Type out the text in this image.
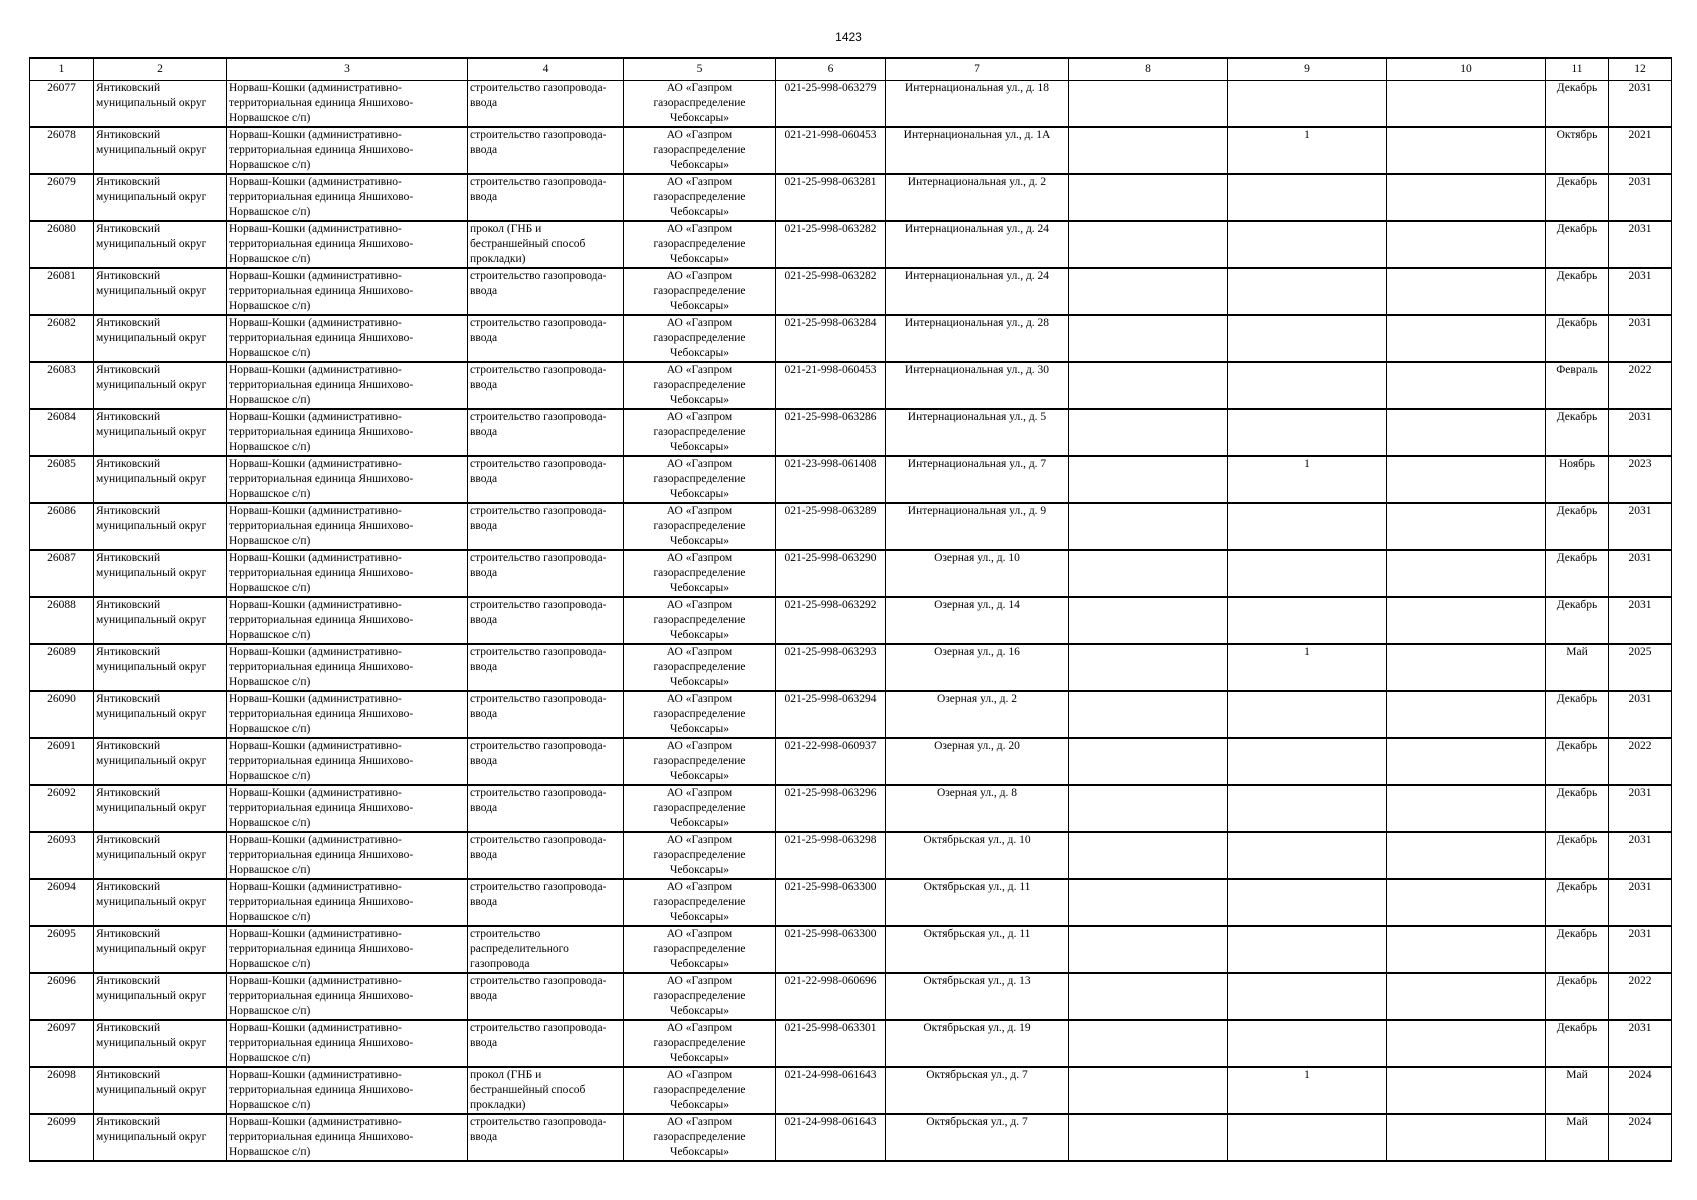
1423
1	2	3	4	5	6	7	8	9	10	11	12
26077	Янтиковский муниципальный округ	Норваш-Кошки (административно-территориальная единица Яншихово-Норвашское с/п)	строительство газопровода-ввода	АО «Газпром газораспределение Чебоксары»	021-25-998-063279	Интернациональная ул., д. 18				Декабрь	2031
26078	Янтиковский муниципальный округ	Норваш-Кошки (административно-территориальная единица Яншихово-Норвашское с/п)	строительство газопровода-ввода	АО «Газпром газораспределение Чебоксары»	021-21-998-060453	Интернациональная ул., д. 1А		1		Октябрь	2021
26079	Янтиковский муниципальный округ	Норваш-Кошки (административно-территориальная единица Яншихово-Норвашское с/п)	строительство газопровода-ввода	АО «Газпром газораспределение Чебоксары»	021-25-998-063281	Интернациональная ул., д. 2				Декабрь	2031
26080	Янтиковский муниципальный округ	Норваш-Кошки (административно-территориальная единица Яншихово-Норвашское с/п)	прокол (ГНБ и бестраншейный способ прокладки)	АО «Газпром газораспределение Чебоксары»	021-25-998-063282	Интернациональная ул., д. 24				Декабрь	2031
26081	Янтиковский муниципальный округ	Норваш-Кошки (административно-территориальная единица Яншихово-Норвашское с/п)	строительство газопровода-ввода	АО «Газпром газораспределение Чебоксары»	021-25-998-063282	Интернациональная ул., д. 24				Декабрь	2031
26082	Янтиковский муниципальный округ	Норваш-Кошки (административно-территориальная единица Яншихово-Норвашское с/п)	строительство газопровода-ввода	АО «Газпром газораспределение Чебоксары»	021-25-998-063284	Интернациональная ул., д. 28				Декабрь	2031
26083	Янтиковский муниципальный округ	Норваш-Кошки (административно-территориальная единица Яншихово-Норвашское с/п)	строительство газопровода-ввода	АО «Газпром газораспределение Чебоксары»	021-21-998-060453	Интернациональная ул., д. 30				Февраль	2022
26084	Янтиковский муниципальный округ	Норваш-Кошки (административно-территориальная единица Яншихово-Норвашское с/п)	строительство газопровода-ввода	АО «Газпром газораспределение Чебоксары»	021-25-998-063286	Интернациональная ул., д. 5				Декабрь	2031
26085	Янтиковский муниципальный округ	Норваш-Кошки (административно-территориальная единица Яншихово-Норвашское с/п)	строительство газопровода-ввода	АО «Газпром газораспределение Чебоксары»	021-23-998-061408	Интернациональная ул., д. 7		1		Ноябрь	2023
26086	Янтиковский муниципальный округ	Норваш-Кошки (административно-территориальная единица Яншихово-Норвашское с/п)	строительство газопровода-ввода	АО «Газпром газораспределение Чебоксары»	021-25-998-063289	Интернациональная ул., д. 9				Декабрь	2031
26087	Янтиковский муниципальный округ	Норваш-Кошки (административно-территориальная единица Яншихово-Норвашское с/п)	строительство газопровода-ввода	АО «Газпром газораспределение Чебоксары»	021-25-998-063290	Озерная ул., д. 10				Декабрь	2031
26088	Янтиковский муниципальный округ	Норваш-Кошки (административно-территориальная единица Яншихово-Норвашское с/п)	строительство газопровода-ввода	АО «Газпром газораспределение Чебоксары»	021-25-998-063292	Озерная ул., д. 14				Декабрь	2031
26089	Янтиковский муниципальный округ	Норваш-Кошки (административно-территориальная единица Яншихово-Норвашское с/п)	строительство газопровода-ввода	АО «Газпром газораспределение Чебоксары»	021-25-998-063293	Озерная ул., д. 16		1		Май	2025
26090	Янтиковский муниципальный округ	Норваш-Кошки (административно-территориальная единица Яншихово-Норвашское с/п)	строительство газопровода-ввода	АО «Газпром газораспределение Чебоксары»	021-25-998-063294	Озерная ул., д. 2				Декабрь	2031
26091	Янтиковский муниципальный округ	Норваш-Кошки (административно-территориальная единица Яншихово-Норвашское с/п)	строительство газопровода-ввода	АО «Газпром газораспределение Чебоксары»	021-22-998-060937	Озерная ул., д. 20				Декабрь	2022
26092	Янтиковский муниципальный округ	Норваш-Кошки (административно-территориальная единица Яншихово-Норвашское с/п)	строительство газопровода-ввода	АО «Газпром газораспределение Чебоксары»	021-25-998-063296	Озерная ул., д. 8				Декабрь	2031
26093	Янтиковский муниципальный округ	Норваш-Кошки (административно-территориальная единица Яншихово-Норвашское с/п)	строительство газопровода-ввода	АО «Газпром газораспределение Чебоксары»	021-25-998-063298	Октябрьская ул., д. 10				Декабрь	2031
26094	Янтиковский муниципальный округ	Норваш-Кошки (административно-территориальная единица Яншихово-Норвашское с/п)	строительство газопровода-ввода	АО «Газпром газораспределение Чебоксары»	021-25-998-063300	Октябрьская ул., д. 11				Декабрь	2031
26095	Янтиковский муниципальный округ	Норваш-Кошки (административно-территориальная единица Яншихово-Норвашское с/п)	строительство распределительного газопровода	АО «Газпром газораспределение Чебоксары»	021-25-998-063300	Октябрьская ул., д. 11				Декабрь	2031
26096	Янтиковский муниципальный округ	Норваш-Кошки (административно-территориальная единица Яншихово-Норвашское с/п)	строительство газопровода-ввода	АО «Газпром газораспределение Чебоксары»	021-22-998-060696	Октябрьская ул., д. 13				Декабрь	2022
26097	Янтиковский муниципальный округ	Норваш-Кошки (административно-территориальная единица Яншихово-Норвашское с/п)	строительство газопровода-ввода	АО «Газпром газораспределение Чебоксары»	021-25-998-063301	Октябрьская ул., д. 19				Декабрь	2031
26098	Янтиковский муниципальный округ	Норваш-Кошки (административно-территориальная единица Яншихово-Норвашское с/п)	прокол (ГНБ и бестраншейный способ прокладки)	АО «Газпром газораспределение Чебоксары»	021-24-998-061643	Октябрьская ул., д. 7		1		Май	2024
26099	Янтиковский муниципальный округ	Норваш-Кошки (административно-территориальная единица Яншихово-Норвашское с/п)	строительство газопровода-ввода	АО «Газпром газораспределение Чебоксары»	021-24-998-061643	Октябрьская ул., д. 7				Май	2024
